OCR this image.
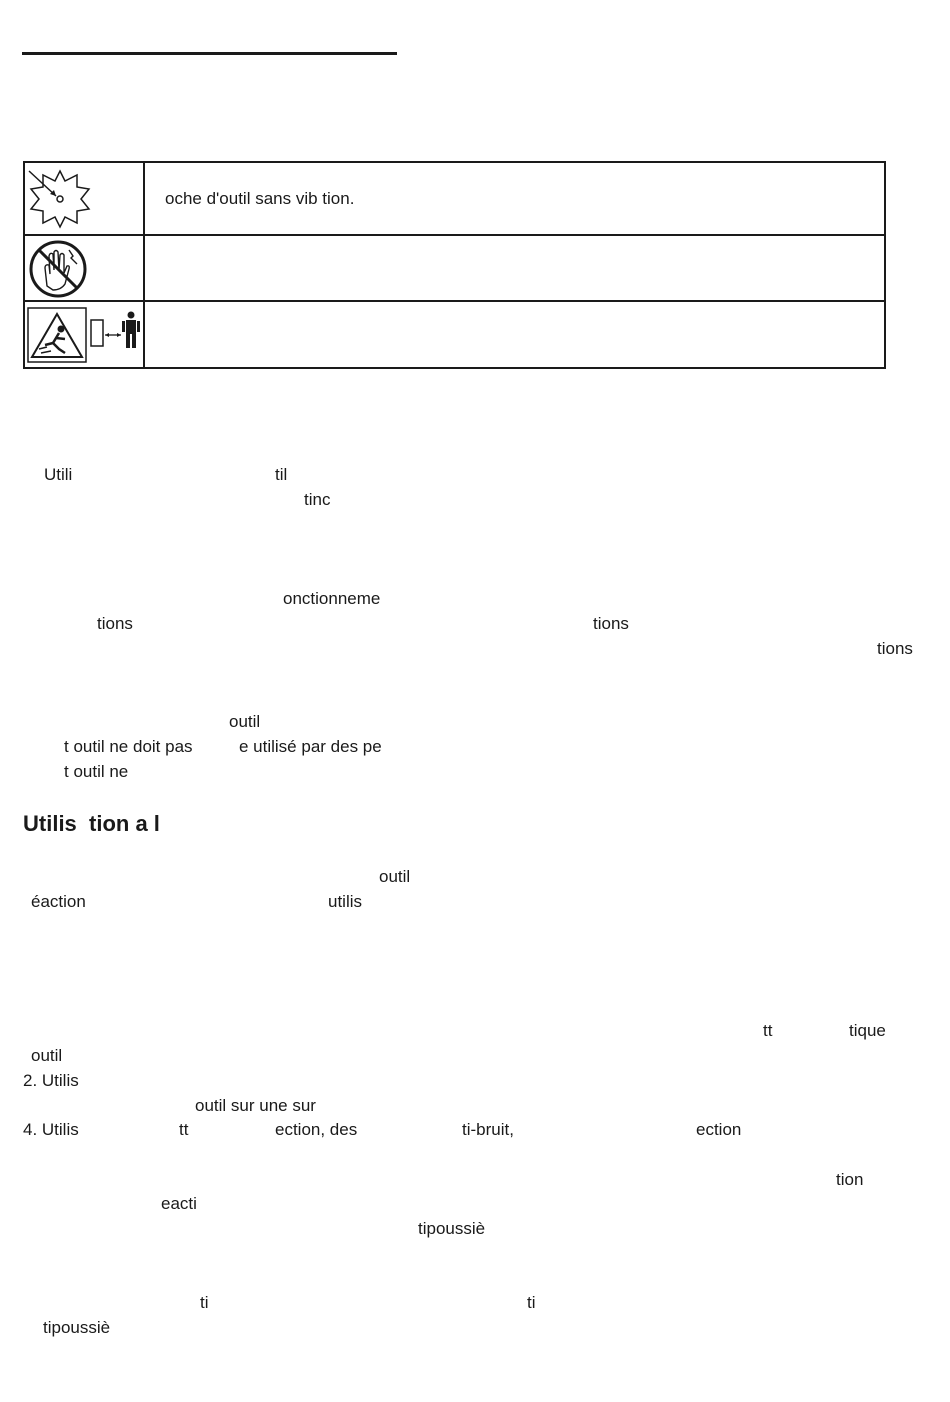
	oche d'outil sans vib tion.

Utili	til
tinc
onctionneme
tions	tions
tions
outil
t outil ne doit pas	e utilisé par des pe
t outil ne
Utilis  tion a l
outil
éaction	utilis
tt	tique
outil
2. Utilis
outil sur une sur
4. Utilis	tt	ection, des	ti-bruit,	ection
tion
eacti
tipoussiè
ti	ti
tipoussiè
